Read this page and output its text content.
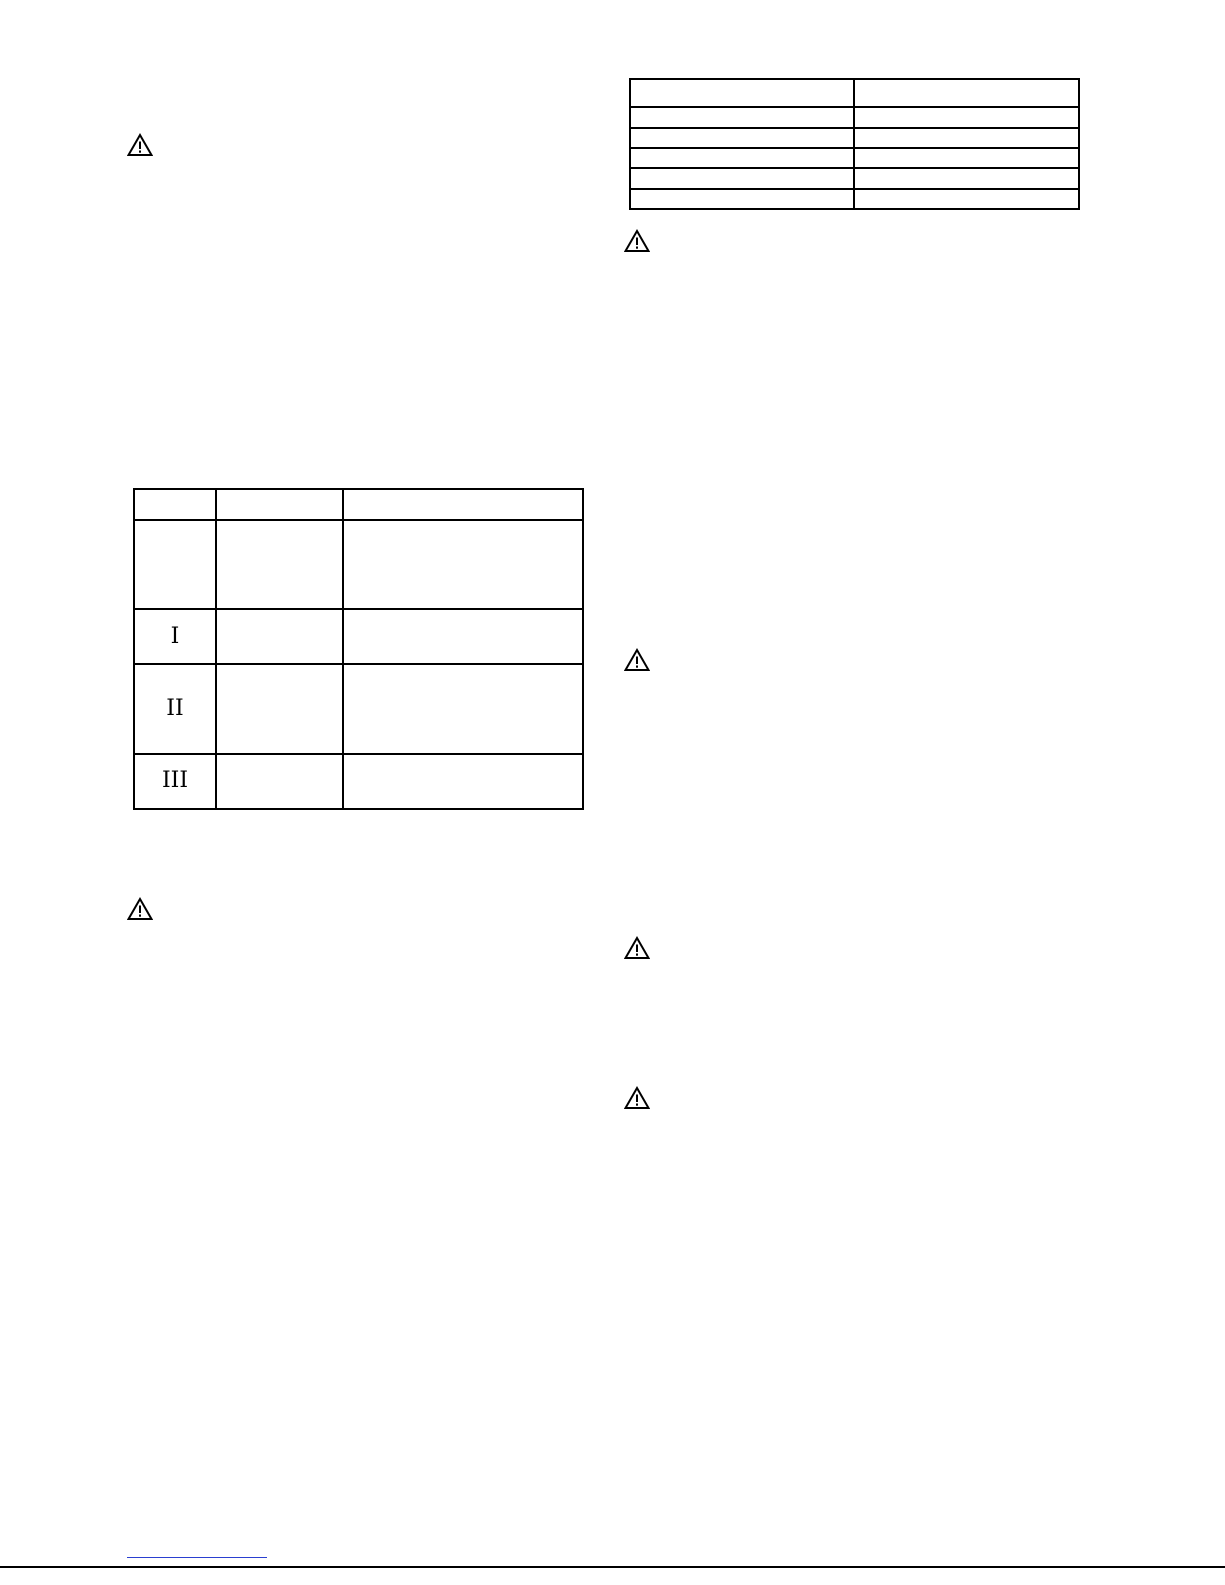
I		
II		
III		
